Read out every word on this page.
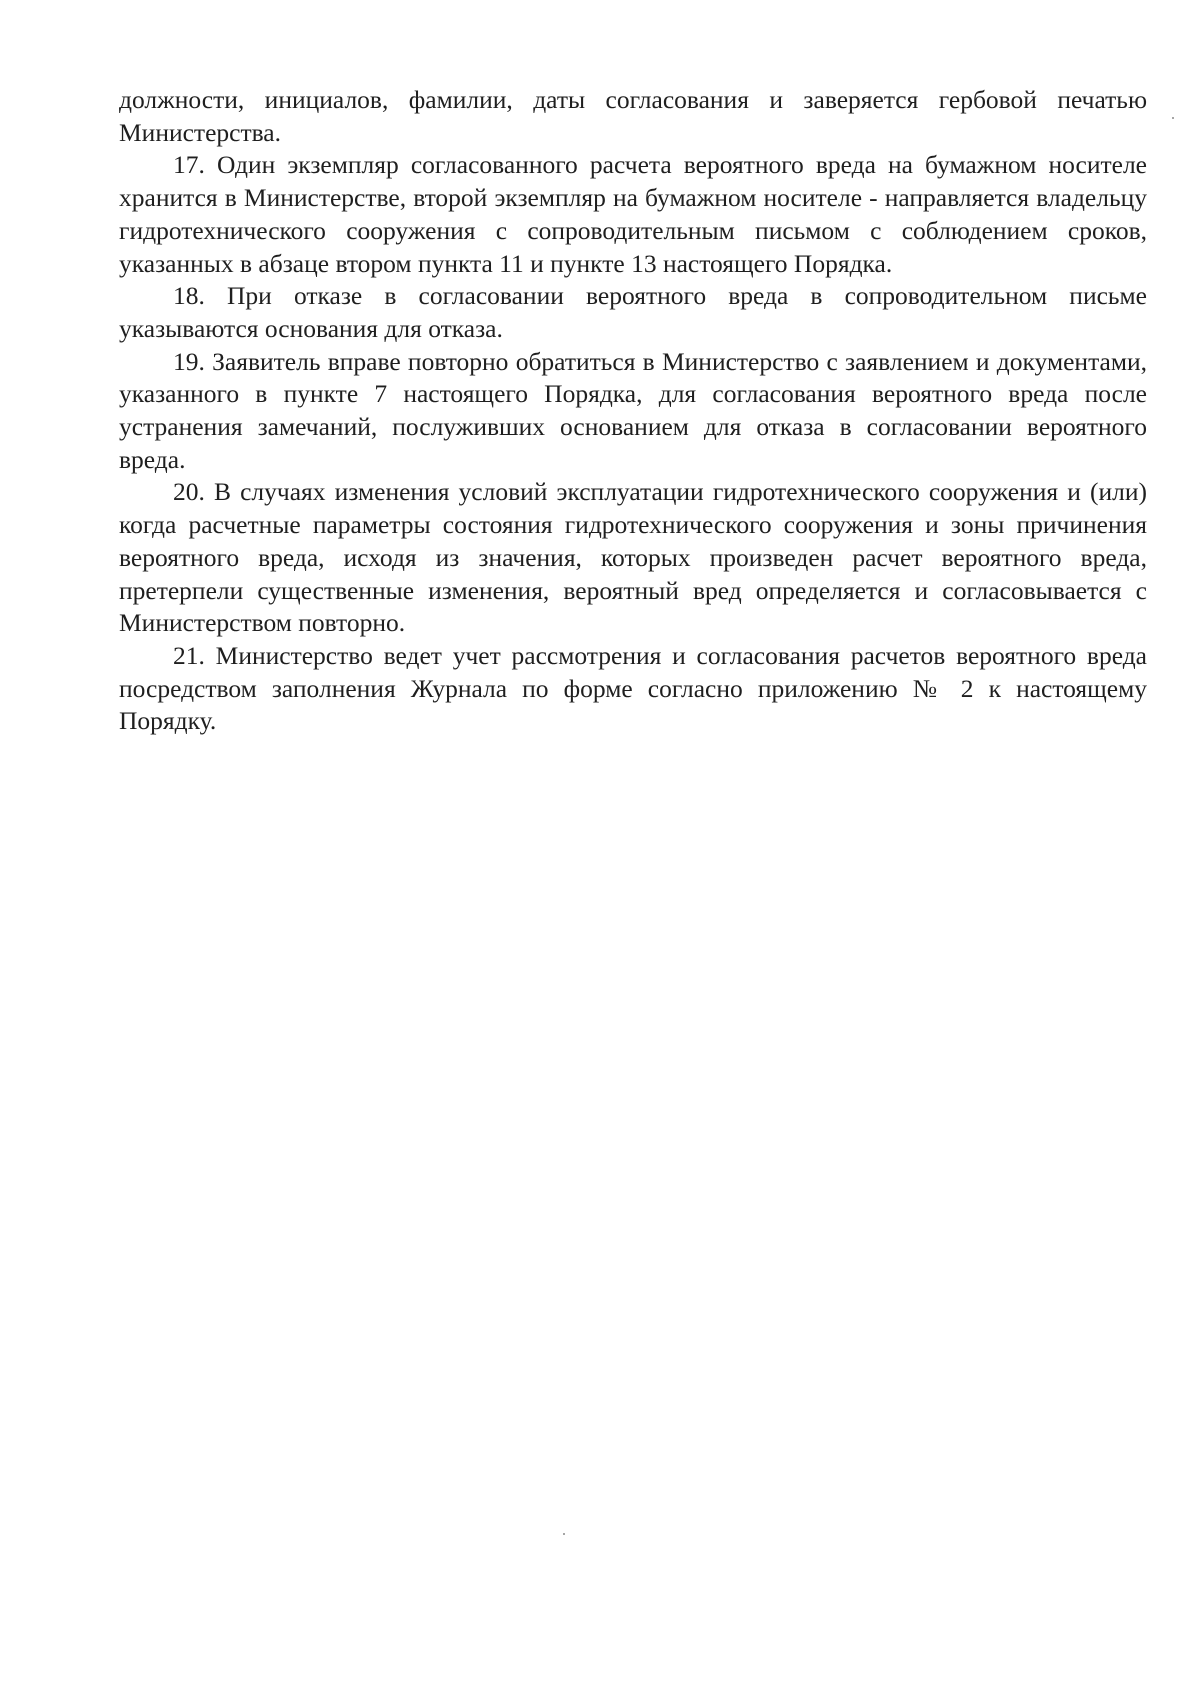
должности, инициалов, фамилии, даты согласования и заверяется гербовой печатью Министерства.

17. Один экземпляр согласованного расчета вероятного вреда на бумажном носителе хранится в Министерстве, второй экземпляр на бумажном носителе - направляется владельцу гидротехнического сооружения с сопроводительным письмом с соблюдением сроков, указанных в абзаце втором пункта 11 и пункте 13 настоящего Порядка.

18. При отказе в согласовании вероятного вреда в сопроводительном письме указываются основания для отказа.

19. Заявитель вправе повторно обратиться в Министерство с заявлением и документами, указанного в пункте 7 настоящего Порядка, для согласования вероятного вреда после устранения замечаний, послуживших основанием для отказа в согласовании вероятного вреда.

20. В случаях изменения условий эксплуатации гидротехнического сооружения и (или) когда расчетные параметры состояния гидротехнического сооружения и зоны причинения вероятного вреда, исходя из значения, которых произведен расчет вероятного вреда, претерпели существенные изменения, вероятный вред определяется и согласовывается с Министерством повторно.

21. Министерство ведет учет рассмотрения и согласования расчетов вероятного вреда посредством заполнения Журнала по форме согласно приложению № 2 к настоящему Порядку.
